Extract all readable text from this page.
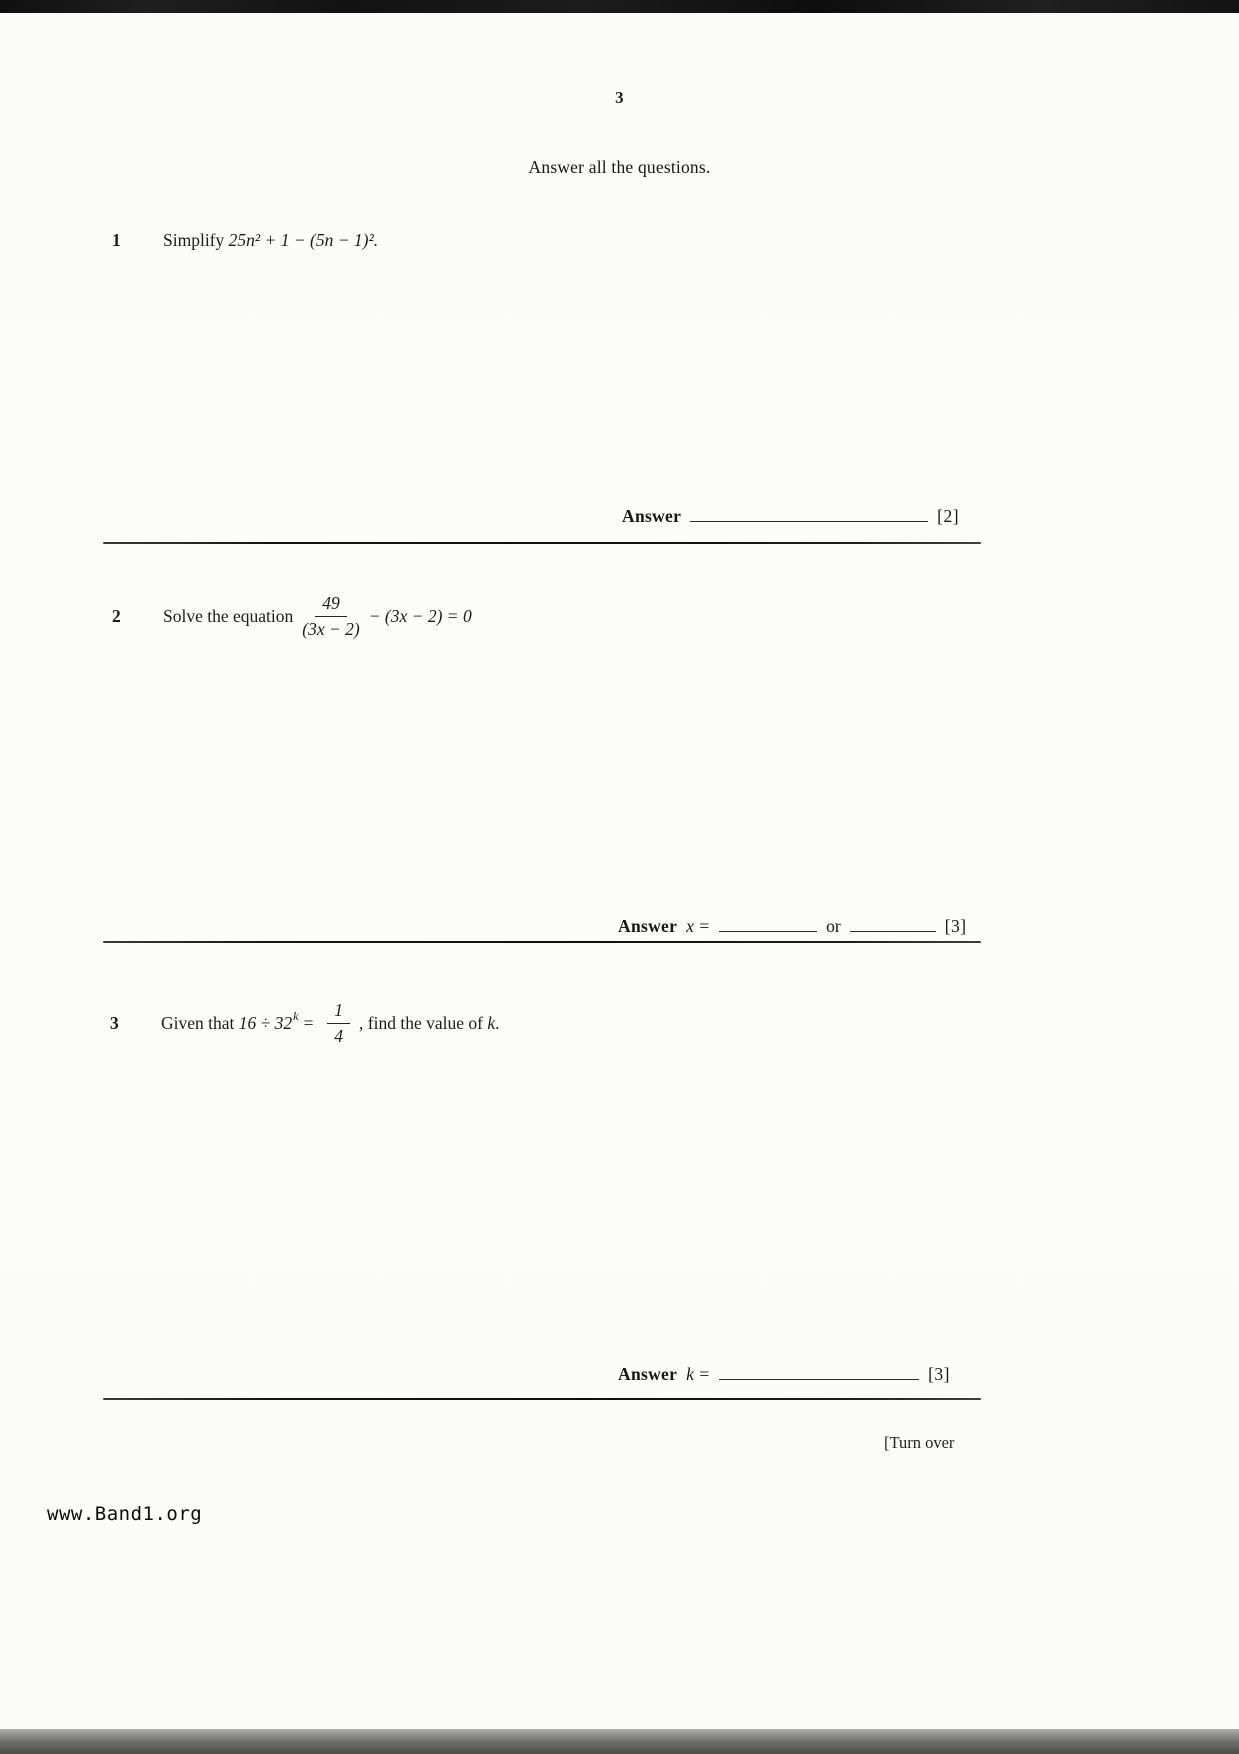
3
Answer all the questions.
1	Simplify 25n² + 1 − (5n − 1)².
Answer	[2]
2	Solve the equation $\frac{49}{(3x - 2)} - (3x - 2) = 0$
Answer x =	or	[3]
3	Given that 16 ÷ 32 $k = \frac{1}{4}$ , find the value of k .
Answer k =	[3]
[Turn over
www.Band1.org
